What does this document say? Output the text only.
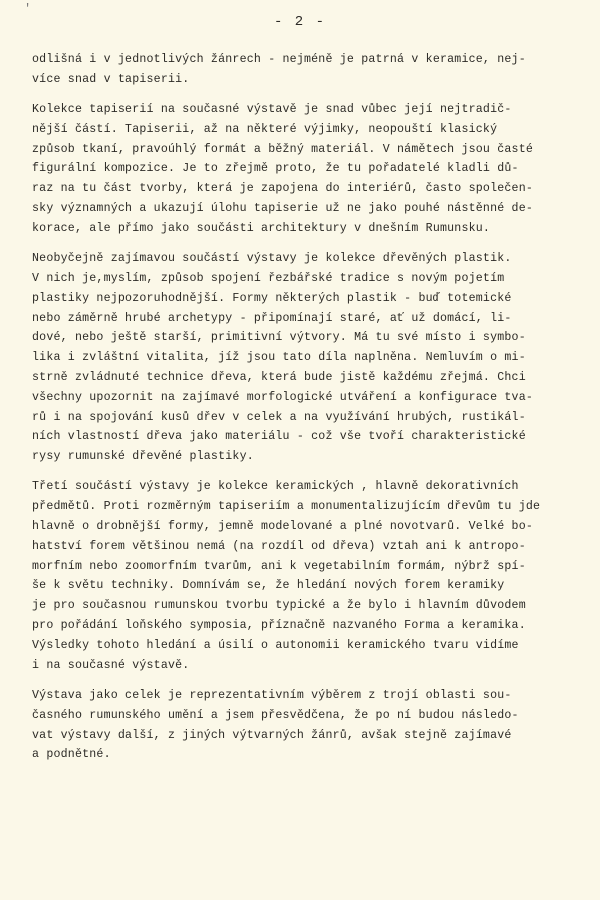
'
- 2 -

odlišná i v jednotlivých žánrech - nejméně je patrná v keramice, nej-
více snad v tapiserii.

Kolekce tapiserií na současné výstavě je snad vůbec její nejtradič-
nější částí. Tapiserii, až na některé výjimky, neopouští klasický
způsob tkaní, pravoúhlý formát a běžný materiál. V námětech jsou časté
figurální kompozice. Je to zřejmě proto, že tu pořadatelé kladli dů-
raz na tu část tvorby, která je zapojena do interiérů, často společen-
sky významných a ukazují úlohu tapiserie už ne jako pouhé nástěnné de-
korace, ale přímo jako součásti architektury v dnešním Rumunsku.

Neobyčejně zajímavou součástí výstavy je kolekce dřevěných plastik.
V nich je,myslím, způsob spojení řezbářské tradice s novým pojetím
plastiky nejpozoruhodnější. Formy některých plastik - buď totemické
nebo záměrně hrubé archetypy - připomínají staré, ať už domácí, li-
dové, nebo ještě starší, primitivní výtvory. Má tu své místo i symbo-
lika i zvláštní vitalita, jíž jsou tato díla naplněna. Nemluvím o mi-
strně zvládnuté technice dřeva, která bude jistě každému zřejmá. Chci
všechny upozornit na zajímavé morfologické utváření a konfigurace tva-
rů i na spojování kusů dřev v celek a na využívání hrubých, rustikál-
ních vlastností dřeva jako materiálu - což vše tvoří charakteristické
rysy rumunské dřevěné plastiky.

Třetí součástí výstavy je kolekce keramických , hlavně dekorativních
předmětů. Proti rozměrným tapiseriím a monumentalizujícím dřevům tu jde
hlavně o drobnější formy, jemně modelované a plné novotvarů. Velké bo-
hatství forem většinou nemá (na rozdíl od dřeva) vztah ani k antropo-
morfním nebo zoomorfním tvarům, ani k vegetabilním formám, nýbrž spí-
še k světu techniky. Domnívám se, že hledání nových forem keramiky
je pro současnou rumunskou tvorbu typické a že bylo i hlavním důvodem
pro pořádání loňského symposia, příznačně nazvaného Forma a keramika.
Výsledky tohoto hledání a úsilí o autonomii keramického tvaru vidíme
i na současné výstavě.

Výstava jako celek je reprezentativním výběrem z trojí oblasti sou-
časného rumunského umění a jsem přesvědčena, že po ní budou následo-
vat výstavy další, z jiných výtvarných žánrů, avšak stejně zajímavé
a podnětné.
